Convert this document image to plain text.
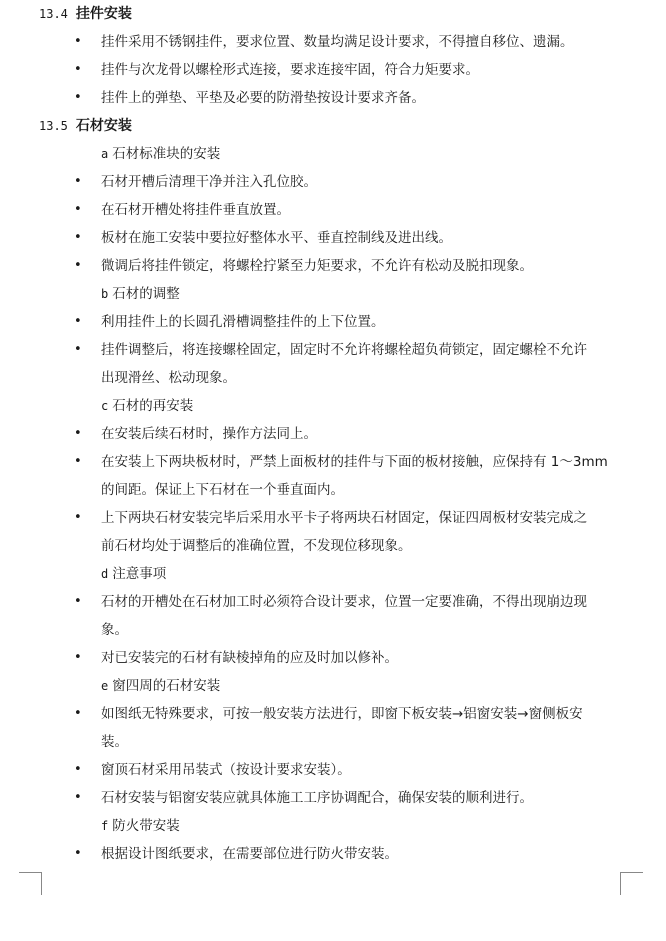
13.4 挂件安装
•	挂件采用不锈钢挂件，要求位置、数量均满足设计要求，不得擅自移位、遗漏。
•	挂件与次龙骨以螺栓形式连接，要求连接牢固，符合力矩要求。
•	挂件上的弹垫、平垫及必要的防滑垫按设计要求齐备。
13.5 石材安装
a 石材标准块的安装
•	石材开槽后清理干净并注入孔位胶。
•	在石材开槽处将挂件垂直放置。
•	板材在施工安装中要拉好整体水平、垂直控制线及进出线。
•	微调后将挂件锁定，将螺栓拧紧至力矩要求，不允许有松动及脱扣现象。
b 石材的调整
•	利用挂件上的长圆孔滑槽调整挂件的上下位置。
•	挂件调整后，将连接螺栓固定，固定时不允许将螺栓超负荷锁定，固定螺栓不允许
出现滑丝、松动现象。
c 石材的再安装
•	在安装后续石材时，操作方法同上。
•	在安装上下两块板材时，严禁上面板材的挂件与下面的板材接触，应保持有 1～3mm
的间距。保证上下石材在一个垂直面内。
•	上下两块石材安装完毕后采用水平卡子将两块石材固定，保证四周板材安装完成之
前石材均处于调整后的准确位置，不发现位移现象。
d 注意事项
•	石材的开槽处在石材加工时必须符合设计要求，位置一定要准确，不得出现崩边现
象。
•	对已安装完的石材有缺棱掉角的应及时加以修补。
e 窗四周的石材安装
•	如图纸无特殊要求，可按一般安装方法进行，即窗下板安装→铝窗安装→窗侧板安
装。
•	窗顶石材采用吊装式（按设计要求安装）。
•	石材安装与铝窗安装应就具体施工工序协调配合，确保安装的顺利进行。
f 防火带安装
•	根据设计图纸要求，在需要部位进行防火带安装。
